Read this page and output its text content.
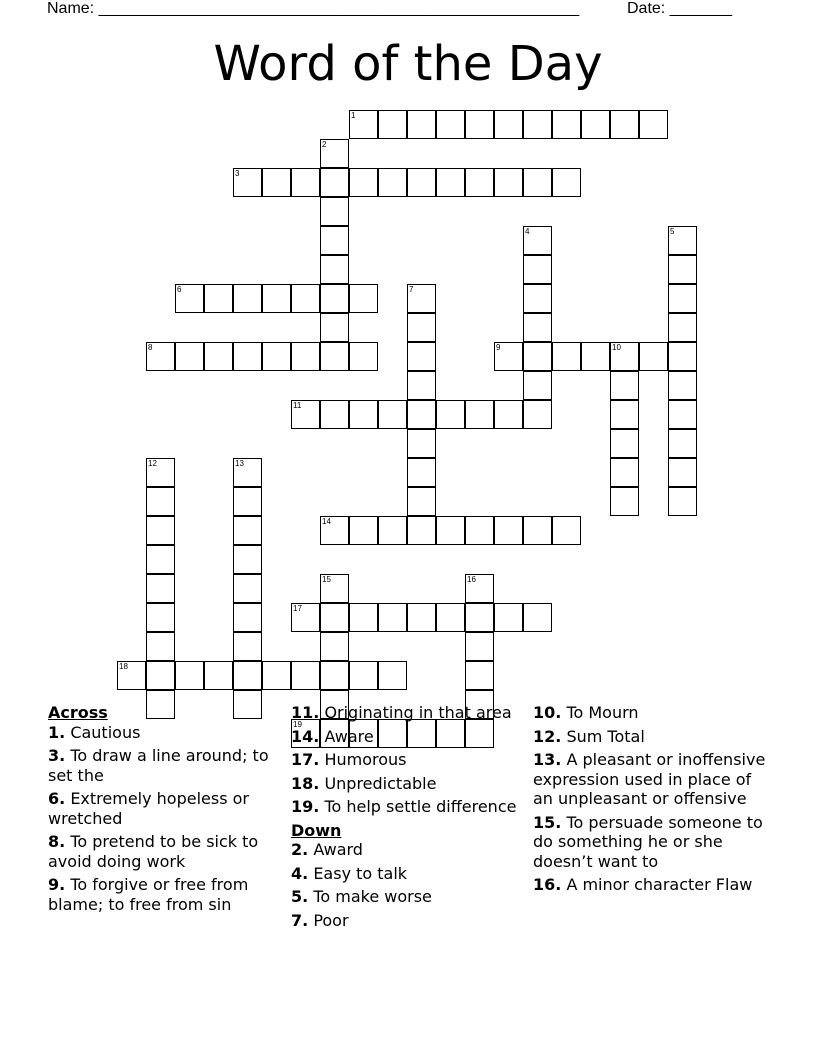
Name: ______________________________________________________	Date: _______
Word of the Day
1
2
3
4	5
6	7
8	9	10
11
12	13
14
15	16
17
18
19
Across
1. Cautious
3. To draw a line around; to set the
6. Extremely hopeless or wretched
8. To pretend to be sick to avoid doing work
9. To forgive or free from blame; to free from sin
11. Originating in that area
14. Aware
17. Humorous
18. Unpredictable
19. To help settle difference
Down
2. Award
4. Easy to talk
5. To make worse
7. Poor
10. To Mourn
12. Sum Total
13. A pleasant or inoffensive expression used in place of an unpleasant or offensive
15. To persuade someone to do something he or she doesn’t want to
16. A minor character Flaw
